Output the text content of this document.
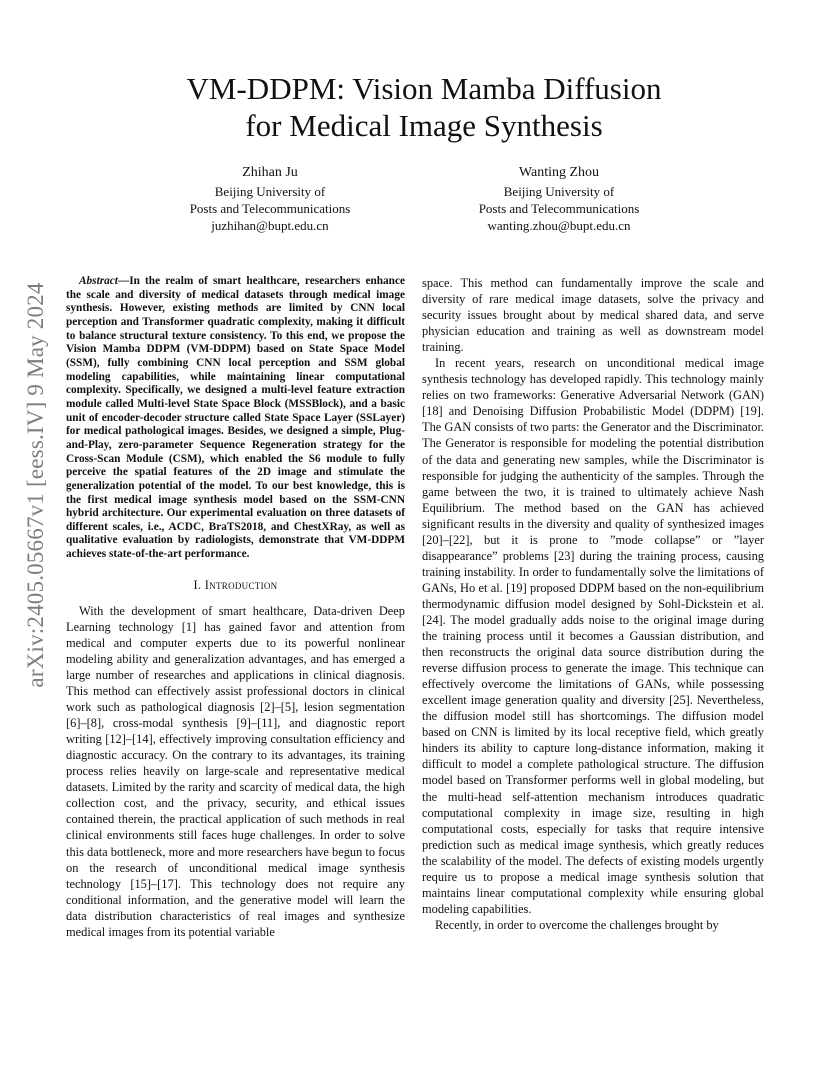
arXiv:2405.05667v1 [eess.IV] 9 May 2024
VM-DDPM: Vision Mamba Diffusion
for Medical Image Synthesis
Zhihan Ju
Beijing University of
Posts and Telecommunications
juzhihan@bupt.edu.cn
Wanting Zhou
Beijing University of
Posts and Telecommunications
wanting.zhou@bupt.edu.cn

Abstract—In the realm of smart healthcare, researchers enhance the scale and diversity of medical datasets through medical image synthesis. However, existing methods are limited by CNN local perception and Transformer quadratic complexity, making it difficult to balance structural texture consistency. To this end, we propose the Vision Mamba DDPM (VM-DDPM) based on State Space Model (SSM), fully combining CNN local perception and SSM global modeling capabilities, while maintaining linear computational complexity. Specifically, we designed a multi-level feature extraction module called Multi-level State Space Block (MSSBlock), and a basic unit of encoder-decoder structure called State Space Layer (SSLayer) for medical pathological images. Besides, we designed a simple, Plug-and-Play, zero-parameter Sequence Regeneration strategy for the Cross-Scan Module (CSM), which enabled the S6 module to fully perceive the spatial features of the 2D image and stimulate the generalization potential of the model. To our best knowledge, this is the first medical image synthesis model based on the SSM-CNN hybrid architecture. Our experimental evaluation on three datasets of different scales, i.e., ACDC, BraTS2018, and ChestXRay, as well as qualitative evaluation by radiologists, demonstrate that VM-DDPM achieves state-of-the-art performance.

I. Introduction

With the development of smart healthcare, Data-driven Deep Learning technology [1] has gained favor and attention from medical and computer experts due to its powerful nonlinear modeling ability and generalization advantages, and has emerged a large number of researches and applications in clinical diagnosis. This method can effectively assist professional doctors in clinical work such as pathological diagnosis [2]–[5], lesion segmentation [6]–[8], cross-modal synthesis [9]–[11], and diagnostic report writing [12]–[14], effectively improving consultation efficiency and diagnostic accuracy. On the contrary to its advantages, its training process relies heavily on large-scale and representative medical datasets. Limited by the rarity and scarcity of medical data, the high collection cost, and the privacy, security, and ethical issues contained therein, the practical application of such methods in real clinical environments still faces huge challenges. In order to solve this data bottleneck, more and more researchers have begun to focus on the research of unconditional medical image synthesis technology [15]–[17]. This technology does not require any conditional information, and the generative model will learn the data distribution characteristics of real images and synthesize medical images from its potential variable

space. This method can fundamentally improve the scale and diversity of rare medical image datasets, solve the privacy and security issues brought about by medical shared data, and serve physician education and training as well as downstream model training.

In recent years, research on unconditional medical image synthesis technology has developed rapidly. This technology mainly relies on two frameworks: Generative Adversarial Network (GAN) [18] and Denoising Diffusion Probabilistic Model (DDPM) [19]. The GAN consists of two parts: the Generator and the Discriminator. The Generator is responsible for modeling the potential distribution of the data and generating new samples, while the Discriminator is responsible for judging the authenticity of the samples. Through the game between the two, it is trained to ultimately achieve Nash Equilibrium. The method based on the GAN has achieved significant results in the diversity and quality of synthesized images [20]–[22], but it is prone to ”mode collapse” or ”layer disappearance” problems [23] during the training process, causing training instability. In order to fundamentally solve the limitations of GANs, Ho et al. [19] proposed DDPM based on the non-equilibrium thermodynamic diffusion model designed by Sohl-Dickstein et al. [24]. The model gradually adds noise to the original image during the training process until it becomes a Gaussian distribution, and then reconstructs the original data source distribution during the reverse diffusion process to generate the image. This technique can effectively overcome the limitations of GANs, while possessing excellent image generation quality and diversity [25]. Nevertheless, the diffusion model still has shortcomings. The diffusion model based on CNN is limited by its local receptive field, which greatly hinders its ability to capture long-distance information, making it difficult to model a complete pathological structure. The diffusion model based on Transformer performs well in global modeling, but the multi-head self-attention mechanism introduces quadratic computational complexity in image size, resulting in high computational costs, especially for tasks that require intensive prediction such as medical image synthesis, which greatly reduces the scalability of the model. The defects of existing models urgently require us to propose a medical image synthesis solution that maintains linear computational complexity while ensuring global modeling capabilities.

Recently, in order to overcome the challenges brought by
